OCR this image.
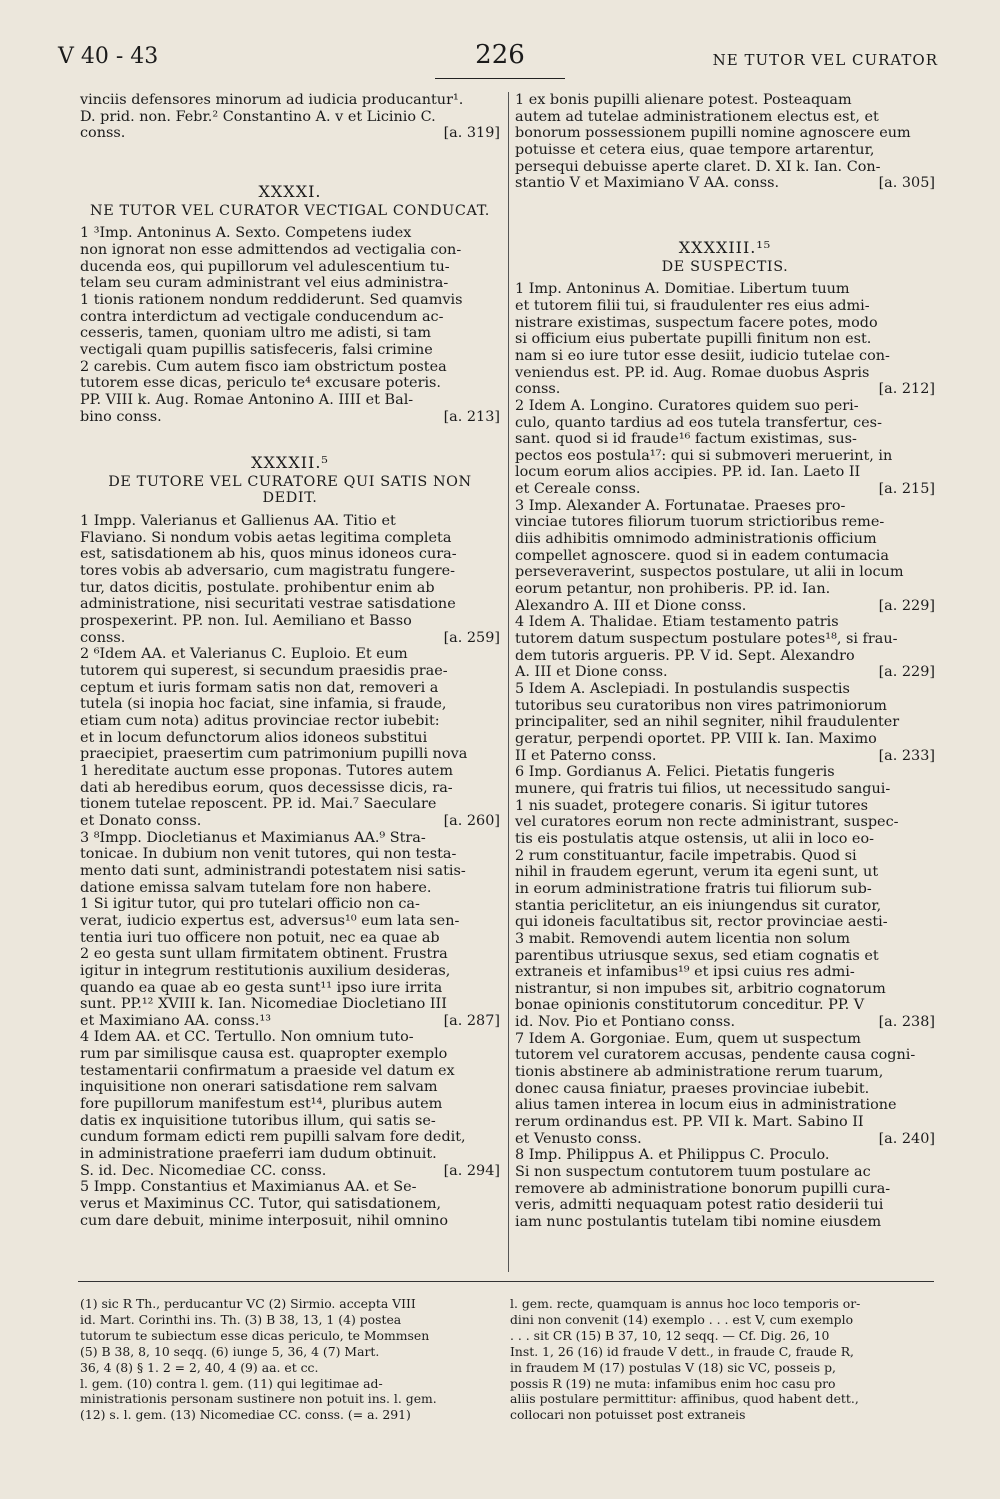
V 40 - 43	226	NE TUTOR VEL CURATOR

vinciis defensores minorum ad iudicia producantur¹.

D. prid. non. Febr.² Constantino A. v et Licinio C.

conss.	[a. 319]

XXXXI.
NE TUTOR VEL CURATOR VECTIGAL CONDUCAT.

1 ³Imp. Antoninus A. Sexto. Competens iudex

non ignorat non esse admittendos ad vectigalia con-

ducenda eos, qui pupillorum vel adulescentium tu-

telam seu curam administrant vel eius administra-

1 tionis rationem nondum reddiderunt. Sed quamvis

contra interdictum ad vectigale conducendum ac-

cesseris, tamen, quoniam ultro me adisti, si tam

vectigali quam pupillis satisfeceris, falsi crimine

2 carebis. Cum autem fisco iam obstrictum postea

tutorem esse dicas, periculo te⁴ excusare poteris.

PP. VIII k. Aug. Romae Antonino A. IIII et Bal-

bino conss.	[a. 213]

XXXXII.⁵
DE TUTORE VEL CURATORE QUI SATIS NON
DEDIT.

1 Impp. Valerianus et Gallienus AA. Titio et

Flaviano. Si nondum vobis aetas legitima completa

est, satisdationem ab his, quos minus idoneos cura-

tores vobis ab adversario, cum magistratu fungere-

tur, datos dicitis, postulate. prohibentur enim ab

administratione, nisi securitati vestrae satisdatione

prospexerint. PP. non. Iul. Aemiliano et Basso

conss.	[a. 259]

2 ⁶Idem AA. et Valerianus C. Euploio. Et eum

tutorem qui superest, si secundum praesidis prae-

ceptum et iuris formam satis non dat, removeri a

tutela (si inopia hoc faciat, sine infamia, si fraude,

etiam cum nota) aditus provinciae rector iubebit:

et in locum defunctorum alios idoneos substitui

praecipiet, praesertim cum patrimonium pupilli nova

1 hereditate auctum esse proponas. Tutores autem

dati ab heredibus eorum, quos decessisse dicis, ra-

tionem tutelae reposcent. PP. id. Mai.⁷ Saeculare

et Donato conss.	[a. 260]

3 ⁸Impp. Diocletianus et Maximianus AA.⁹ Stra-

tonicae. In dubium non venit tutores, qui non testa-

mento dati sunt, administrandi potestatem nisi satis-

datione emissa salvam tutelam fore non habere.

1 Si igitur tutor, qui pro tutelari officio non ca-

verat, iudicio expertus est, adversus¹⁰ eum lata sen-

tentia iuri tuo officere non potuit, nec ea quae ab

2 eo gesta sunt ullam firmitatem obtinent. Frustra

igitur in integrum restitutionis auxilium desideras,

quando ea quae ab eo gesta sunt¹¹ ipso iure irrita

sunt. PP.¹² XVIII k. Ian. Nicomediae Diocletiano III

et Maximiano AA. conss.¹³	[a. 287]

4 Idem AA. et CC. Tertullo. Non omnium tuto-

rum par similisque causa est. quapropter exemplo

testamentarii confirmatum a praeside vel datum ex

inquisitione non onerari satisdatione rem salvam

fore pupillorum manifestum est¹⁴, pluribus autem

datis ex inquisitione tutoribus illum, qui satis se-

cundum formam edicti rem pupilli salvam fore dedit,

in administratione praeferri iam dudum obtinuit.

S. id. Dec. Nicomediae CC. conss.	[a. 294]

5 Impp. Constantius et Maximianus AA. et Se-

verus et Maximinus CC. Tutor, qui satisdationem,

cum dare debuit, minime interposuit, nihil omnino

1 ex bonis pupilli alienare potest. Posteaquam

autem ad tutelae administrationem electus est, et

bonorum possessionem pupilli nomine agnoscere eum

potuisse et cetera eius, quae tempore artarentur,

persequi debuisse aperte claret. D. XI k. Ian. Con-

stantio V et Maximiano V AA. conss.	[a. 305]

XXXXIII.¹⁵
DE SUSPECTIS.

1 Imp. Antoninus A. Domitiae. Libertum tuum

et tutorem filii tui, si fraudulenter res eius admi-

nistrare existimas, suspectum facere potes, modo

si officium eius pubertate pupilli finitum non est.

nam si eo iure tutor esse desiit, iudicio tutelae con-

veniendus est. PP. id. Aug. Romae duobus Aspris

conss.	[a. 212]

2 Idem A. Longino. Curatores quidem suo peri-

culo, quanto tardius ad eos tutela transfertur, ces-

sant. quod si id fraude¹⁶ factum existimas, sus-

pectos eos postula¹⁷: qui si submoveri meruerint, in

locum eorum alios accipies. PP. id. Ian. Laeto II

et Cereale conss.	[a. 215]

3 Imp. Alexander A. Fortunatae. Praeses pro-

vinciae tutores filiorum tuorum strictioribus reme-

diis adhibitis omnimodo administrationis officium

compellet agnoscere. quod si in eadem contumacia

perseveraverint, suspectos postulare, ut alii in locum

eorum petantur, non prohiberis. PP. id. Ian.

Alexandro A. III et Dione conss.	[a. 229]

4 Idem A. Thalidae. Etiam testamento patris

tutorem datum suspectum postulare potes¹⁸, si frau-

dem tutoris argueris. PP. V id. Sept. Alexandro

A. III et Dione conss.	[a. 229]

5 Idem A. Asclepiadi. In postulandis suspectis

tutoribus seu curatoribus non vires patrimoniorum

principaliter, sed an nihil segniter, nihil fraudulenter

geratur, perpendi oportet. PP. VIII k. Ian. Maximo

II et Paterno conss.	[a. 233]

6 Imp. Gordianus A. Felici. Pietatis fungeris

munere, qui fratris tui filios, ut necessitudo sangui-

1 nis suadet, protegere conaris. Si igitur tutores

vel curatores eorum non recte administrant, suspec-

tis eis postulatis atque ostensis, ut alii in loco eo-

2 rum constituantur, facile impetrabis. Quod si

nihil in fraudem egerunt, verum ita egeni sunt, ut

in eorum administratione fratris tui filiorum sub-

stantia periclitetur, an eis iniungendus sit curator,

qui idoneis facultatibus sit, rector provinciae aesti-

3 mabit. Removendi autem licentia non solum

parentibus utriusque sexus, sed etiam cognatis et

extraneis et infamibus¹⁹ et ipsi cuius res admi-

nistrantur, si non impubes sit, arbitrio cognatorum

bonae opinionis constitutorum conceditur. PP. V

id. Nov. Pio et Pontiano conss.	[a. 238]

7 Idem A. Gorgoniae. Eum, quem ut suspectum

tutorem vel curatorem accusas, pendente causa cogni-

tionis abstinere ab administratione rerum tuarum,

donec causa finiatur, praeses provinciae iubebit.

alius tamen interea in locum eius in administratione

rerum ordinandus est. PP. VII k. Mart. Sabino II

et Venusto conss.	[a. 240]

8 Imp. Philippus A. et Philippus C. Proculo.

Si non suspectum contutorem tuum postulare ac

removere ab administratione bonorum pupilli cura-

veris, admitti nequaquam potest ratio desiderii tui

iam nunc postulantis tutelam tibi nomine eiusdem

(1) sic R Th., perducantur VC (2) Sirmio. accepta VIII

id. Mart. Corinthi ins. Th. (3) B 38, 13, 1 (4) postea

tutorum te subiectum esse dicas periculo, te Mommsen

(5) B 38, 8, 10 seqq. (6) iunge 5, 36, 4 (7) Mart.

36, 4 (8) § 1. 2 = 2, 40, 4 (9) aa. et cc.

l. gem. (10) contra l. gem. (11) qui legitimae ad-

ministrationis personam sustinere non potuit ins. l. gem.

(12) s. l. gem. (13) Nicomediae CC. conss. (= a. 291)

l. gem. recte, quamquam is annus hoc loco temporis or-

dini non convenit (14) exemplo . . . est V, cum exemplo

. . . sit CR (15) B 37, 10, 12 seqq. — Cf. Dig. 26, 10

Inst. 1, 26 (16) id fraude V dett., in fraude C, fraude R,

in fraudem M (17) postulas V (18) sic VC, posseis p,

possis R (19) ne muta: infamibus enim hoc casu pro

aliis postulare permittitur: affinibus, quod habent dett.,

collocari non potuisset post extraneis
